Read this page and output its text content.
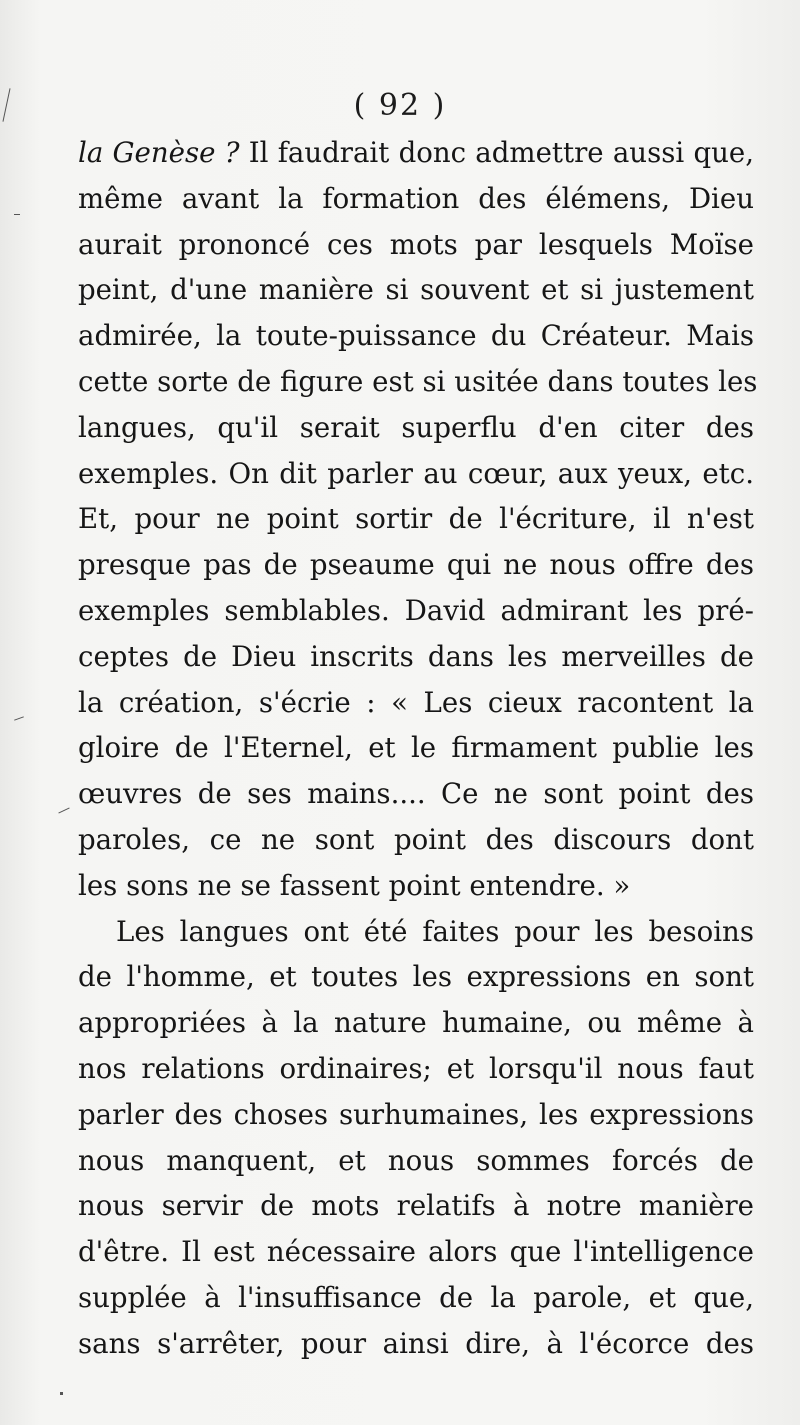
( 92 )
la Genèse ? Il faudrait donc admettre aussi que,
même avant la formation des élémens, Dieu
aurait prononcé ces mots par lesquels Moïse
peint, d'une manière si souvent et si justement
admirée, la toute-puissance du Créateur. Mais
cette sorte de figure est si usitée dans toutes les
langues, qu'il serait superflu d'en citer des
exemples. On dit parler au cœur, aux yeux, etc.
Et, pour ne point sortir de l'écriture, il n'est
presque pas de pseaume qui ne nous offre des
exemples semblables. David admirant les pré-
ceptes de Dieu inscrits dans les merveilles de
la création, s'écrie : « Les cieux racontent la
gloire de l'Eternel, et le firmament publie les
œuvres de ses mains.... Ce ne sont point des
paroles, ce ne sont point des discours dont
les sons ne se fassent point entendre. »
Les langues ont été faites pour les besoins
de l'homme, et toutes les expressions en sont
appropriées à la nature humaine, ou même à
nos relations ordinaires; et lorsqu'il nous faut
parler des choses surhumaines, les expressions
nous manquent, et nous sommes forcés de
nous servir de mots relatifs à notre manière
d'être. Il est nécessaire alors que l'intelligence
supplée à l'insuffisance de la parole, et que,
sans s'arrêter, pour ainsi dire, à l'écorce des
